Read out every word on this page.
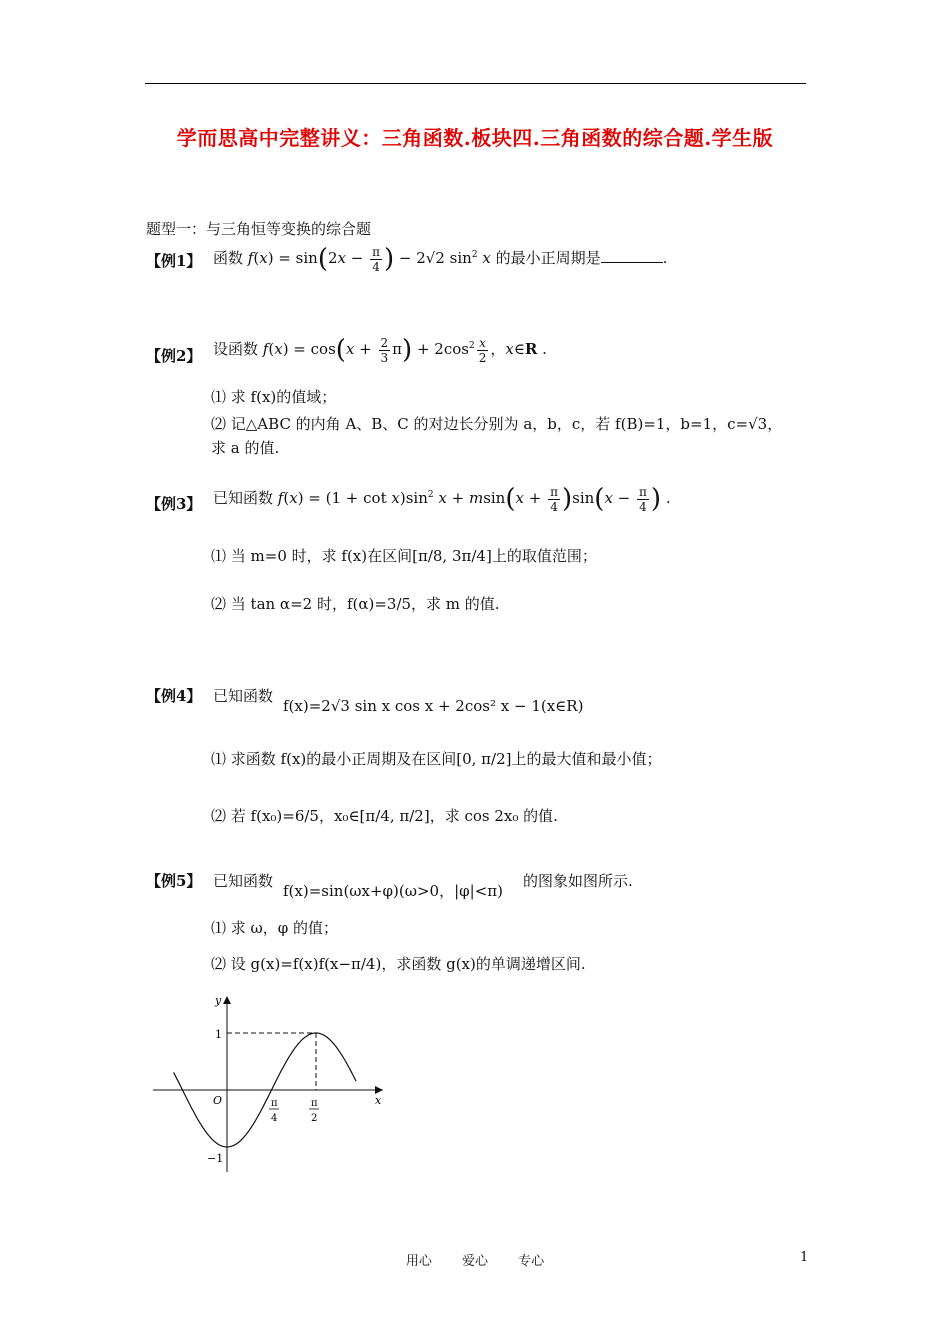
学而思高中完整讲义：三角函数.板块四.三角函数的综合题.学生版
题型一：与三角恒等变换的综合题
【例1】 函数 $f(x) = \sin(2x - \frac{\pi}{4}$ ) − 2√2 $\sin^2 x$ 的最小正周期是	.
【例2】 设函数 $f(x) = \cos(x + \frac{2}{3} \pi) + 2\cos^2 \frac{x}{2}$ ，x∈R .
⑴ 求 f(x)的值域；
⑵ 记△ABC 的内角 A、B、C 的对边长分别为 a，b，c，若 f(B)=1，b=1，c=√3，
求 a 的值.
【例3】 已知函数 $f(x) = (1 + \cot x)\sin^2$ $x + msin(x + \frac{\pi}{4} )\sin(x - \frac{\pi}{4}$ ) .
⑴ 当 m=0 时，求 f(x)在区间[π/8, 3π/4]上的取值范围；
⑵ 当 tan α=2 时，f(α)=3/5，求 m 的值.
【例4】 已知函数
f(x)=2√3 sin x cos x + 2cos² x − 1(x∈R)
⑴ 求函数 f(x)的最小正周期及在区间[0, π/2]上的最大值和最小值；
⑵ 若 f(x₀)=6/5，x₀∈[π/4, π/2]，求 cos 2x₀ 的值.
【例5】 已知函数
f(x)=sin(ωx+φ)(ω>0，|φ|<π)
的图象如图所示.
⑴ 求 ω，φ 的值；
⑵ 设 g(x)=f(x)f(x−π/4)，求函数 g(x)的单调递增区间.
y
x
O
1
−1
π
4
π
2
用心 爱心 专心	1
